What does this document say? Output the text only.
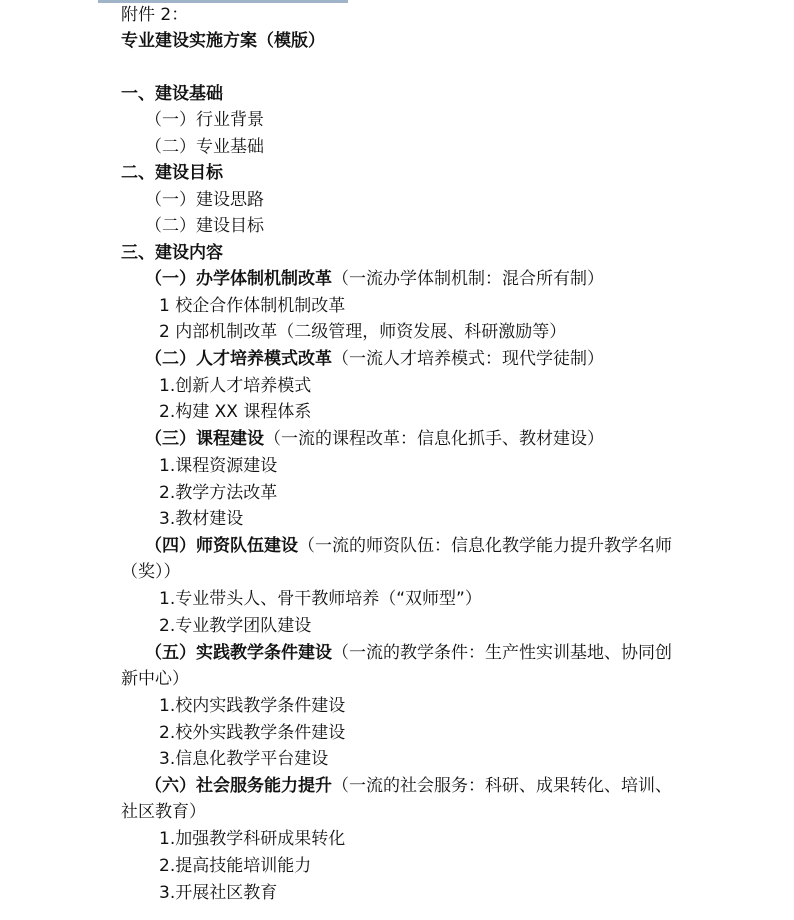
附件 2：
专业建设实施方案（模版）
一、建设基础
（一）行业背景
（二）专业基础
二、建设目标
（一）建设思路
（二）建设目标
三、建设内容
（一）办学体制机制改革（一流办学体制机制：混合所有制）
1 校企合作体制机制改革
2 内部机制改革（二级管理，师资发展、科研激励等）
（二）人才培养模式改革（一流人才培养模式：现代学徒制）
1.创新人才培养模式
2.构建 XX 课程体系
（三）课程建设（一流的课程改革：信息化抓手、教材建设）
1.课程资源建设
2.教学方法改革
3.教材建设
（四）师资队伍建设（一流的师资队伍：信息化教学能力提升教学名师（奖））
1.专业带头人、骨干教师培养（“双师型”）
2.专业教学团队建设
（五）实践教学条件建设（一流的教学条件：生产性实训基地、协同创新中心）
1.校内实践教学条件建设
2.校外实践教学条件建设
3.信息化教学平台建设
（六）社会服务能力提升（一流的社会服务：科研、成果转化、培训、社区教育）
1.加强教学科研成果转化
2.提高技能培训能力
3.开展社区教育
